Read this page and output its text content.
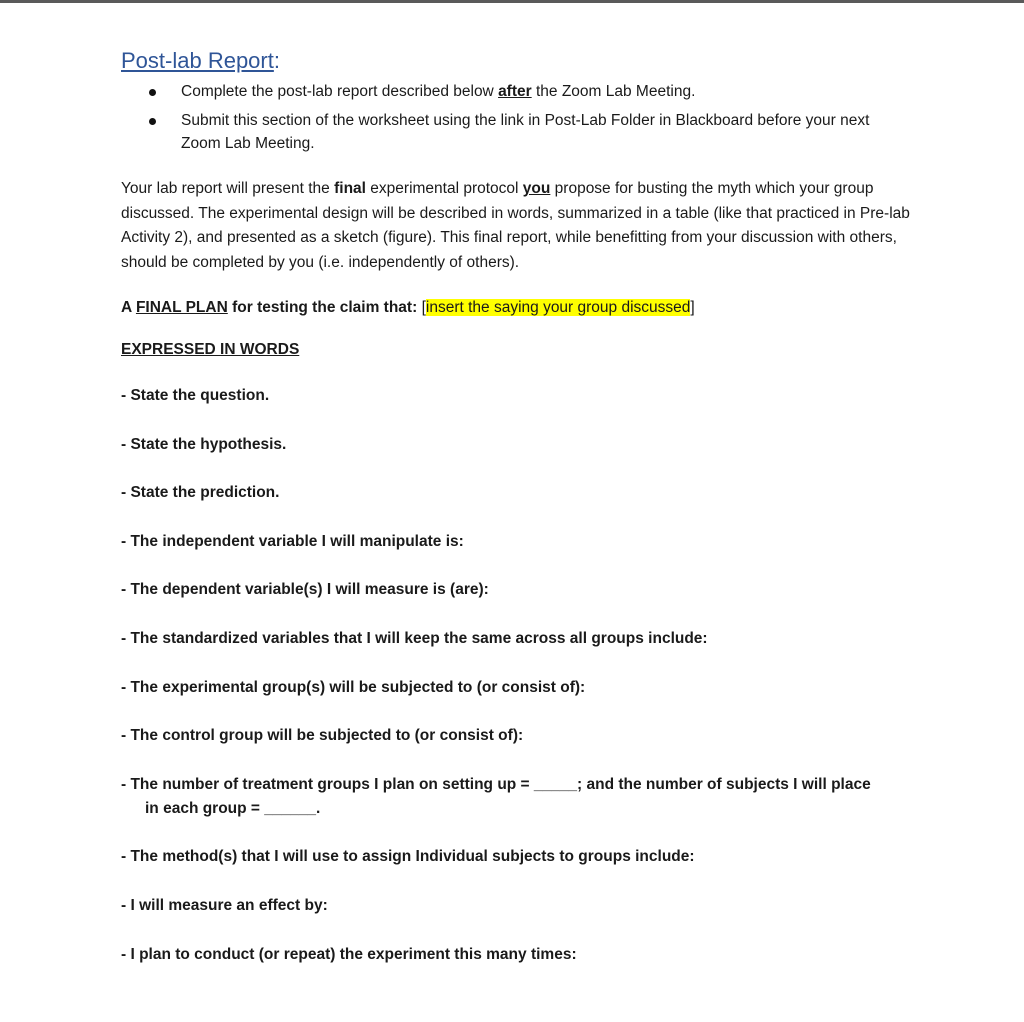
Post-lab Report:
Complete the post-lab report described below after the Zoom Lab Meeting.
Submit this section of the worksheet using the link in Post-Lab Folder in Blackboard before your next Zoom Lab Meeting.

Your lab report will present the final experimental protocol you propose for busting the myth which your group discussed. The experimental design will be described in words, summarized in a table (like that practiced in Pre-lab Activity 2), and presented as a sketch (figure). This final report, while benefitting from your discussion with others, should be completed by you (i.e. independently of others).

A FINAL PLAN for testing the claim that: [insert the saying your group discussed]
EXPRESSED IN WORDS
- State the question.
- State the hypothesis.
- State the prediction.
- The independent variable I will manipulate is:
- The dependent variable(s) I will measure is (are):
- The standardized variables that I will keep the same across all groups include:
- The experimental group(s) will be subjected to (or consist of):
- The control group will be subjected to (or consist of):
- The number of treatment groups I plan on setting up = _____; and the number of subjects I will place
in each group = ______.
- The method(s) that I will use to assign Individual subjects to groups include:
- I will measure an effect by:
- I plan to conduct (or repeat) the experiment this many times:
